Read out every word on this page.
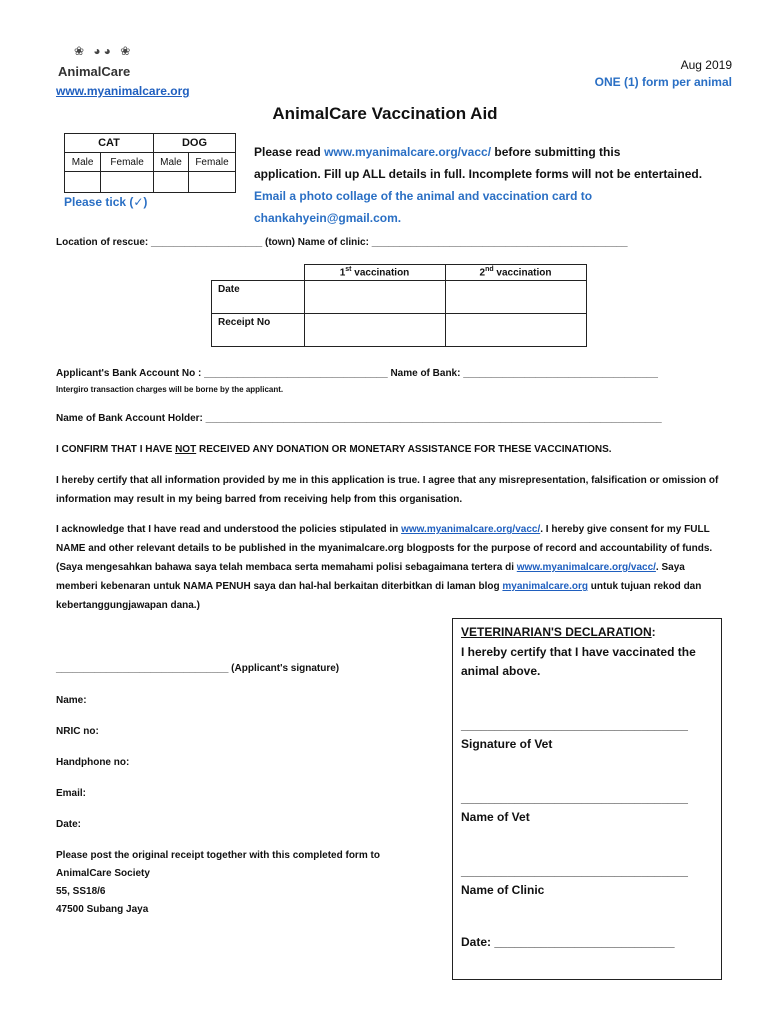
❀ ◕◕ ❀
AnimalCare
www.myanimalcare.org
Aug 2019
ONE (1) form per animal
AnimalCare Vaccination Aid
CAT		DOG	
Male	Female	Male	Female

Please tick (✓)
Please read www.myanimalcare.org/vacc/ before submitting this
application. Fill up ALL details in full. Incomplete forms will not be entertained.
Email a photo collage of the animal and vaccination card to
chankahyein@gmail.com.
Location of rescue: ____________________ (town) Name of clinic: ______________________________________________
	1st vaccination	2nd vaccination
Date		
Receipt No		
Applicant's Bank Account No : _________________________________ Name of Bank: ___________________________________
Intergiro transaction charges will be borne by the applicant.
Name of Bank Account Holder: __________________________________________________________________________________
I CONFIRM THAT I HAVE NOT RECEIVED ANY DONATION OR MONETARY ASSISTANCE FOR THESE VACCINATIONS.
I hereby certify that all information provided by me in this application is true. I agree that any misrepresentation, falsification or omission of information may result in my being barred from receiving help from this organisation.
I acknowledge that I have read and understood the policies stipulated in www.myanimalcare.org/vacc/. I hereby give consent for my FULL NAME and other relevant details to be published in the myanimalcare.org blogposts for the purpose of record and accountability of funds. (Saya mengesahkan bahawa saya telah membaca serta memahami polisi sebagaimana tertera di www.myanimalcare.org/vacc/. Saya memberi kebenaran untuk NAMA PENUH saya dan hal-hal berkaitan diterbitkan di laman blog myanimalcare.org untuk tujuan rekod dan kebertanggungjawapan dana.)
_______________________________ (Applicant's signature)
Name:
NRIC no:
Handphone no:
Email:
Date:
Please post the original receipt together with this completed form to
AnimalCare Society
55, SS18/6
47500 Subang Jaya
VETERINARIAN'S DECLARATION:
I hereby certify that I have vaccinated the
animal above.
__________________________________
Signature of Vet
__________________________________
Name of Vet
__________________________________
Name of Clinic
Date: ___________________________
